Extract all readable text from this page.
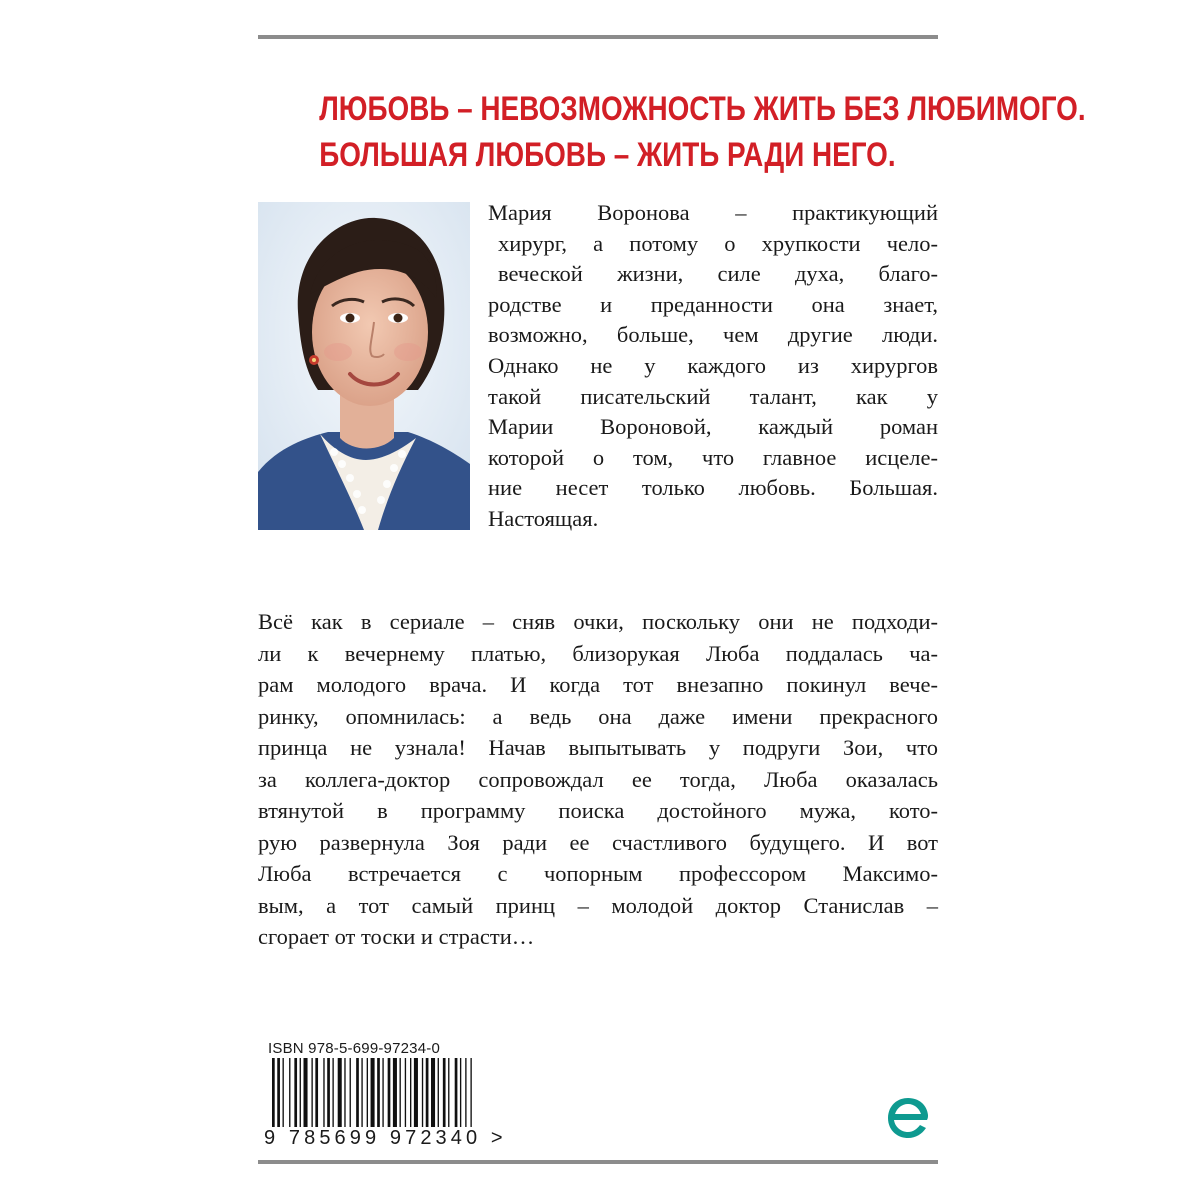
ЛЮБОВЬ – НЕВОЗМОЖНОСТЬ ЖИТЬ БЕЗ ЛЮБИМОГО.
БОЛЬШАЯ ЛЮБОВЬ – ЖИТЬ РАДИ НЕГО.
Мария Воронова – практикующий
хирург, а потому о хрупкости чело-
веческой жизни, силе духа, благо-
родстве и преданности она знает,
возможно, больше, чем другие люди.
Однако не у каждого из хирургов
такой писательский талант, как у
Марии Вороновой, каждый роман
которой о том, что главное исцеле-
ние несет только любовь. Большая.
Настоящая.
Всё как в сериале – сняв очки, поскольку они не подходи-
ли к вечернему платью, близорукая Люба поддалась ча-
рам молодого врача. И когда тот внезапно покинул вече-
ринку, опомнилась: а ведь она даже имени прекрасного
принца не узнала! Начав выпытывать у подруги Зои, что
за коллега-доктор сопровождал ее тогда, Люба оказалась
втянутой в программу поиска достойного мужа, кото-
рую развернула Зоя ради ее счастливого будущего. И вот
Люба встречается с чопорным профессором Максимо-
вым, а тот самый принц – молодой доктор Станислав –
сгорает от тоски и страсти…
ISBN 978-5-699-97234-0
9 785699 972340 >
